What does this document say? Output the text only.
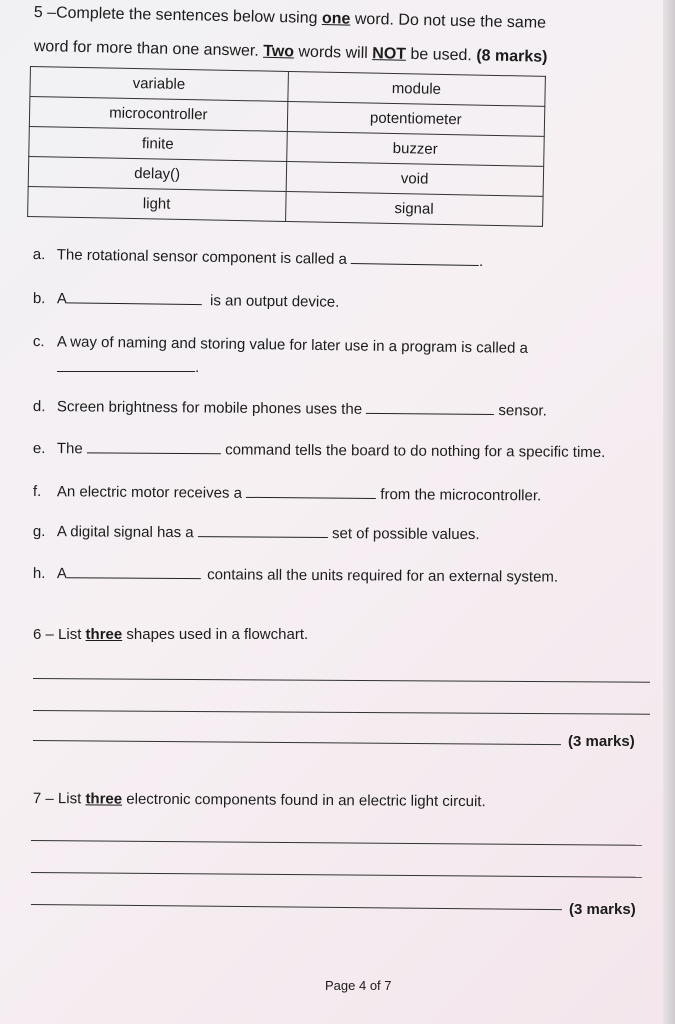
5 –Complete the sentences below using one word. Do not use the same
word for more than one answer. Two words will NOT be used. (8 marks)
variable	module
microcontroller	potentiometer
finite	buzzer
delay()	void
light	signal
a. The rotational sensor component is called a	.
b. A	is an output device.
c. A way of naming and storing value for later use in a program is called a
.
d. Screen brightness for mobile phones uses the	sensor.
e. The	command tells the board to do nothing for a specific time.
f. An electric motor receives a	from the microcontroller.
g. A digital signal has a	set of possible values.
h. A	contains all the units required for an external system.
6 – List three shapes used in a flowchart.
(3 marks)
7 – List three electronic components found in an electric light circuit.
(3 marks)
Page 4 of 7
